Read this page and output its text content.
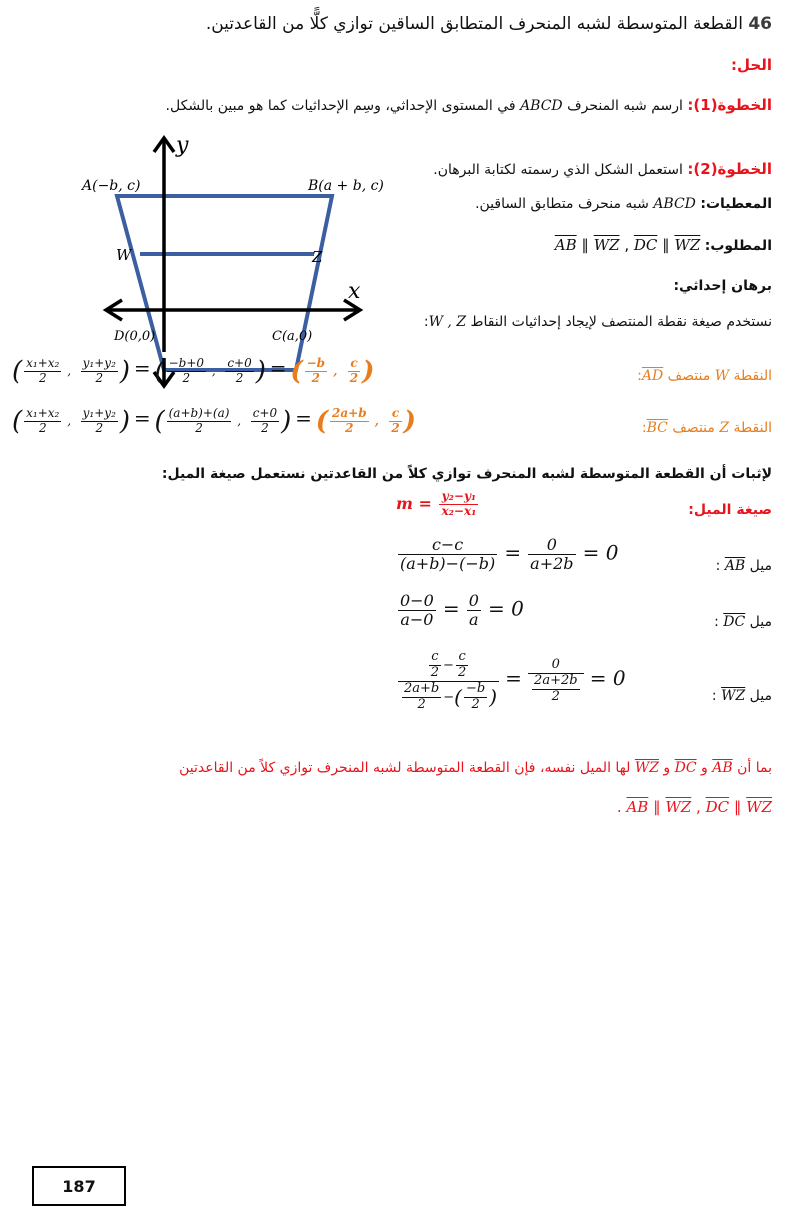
46 القطعة المتوسطة لشبه المنحرف المتطابق الساقين توازي كلًّا من القاعدتين.
الحل:
الخطوة(1): ارسم شبه المنحرف ABCD في المستوى الإحداثي، وسِم الإحداثيات كما هو مبين بالشكل.
A(−b, c)	B(a + b, c)
W	Z
D(0,0)	C(a,0)
x
y
الخطوة(2): استعمل الشكل الذي رسمته لكتابة البرهان.
المعطيات: ABCD شبه منحرف متطابق الساقين.
المطلوب: $\overline{AB}$ ∥ $\overline{WZ}$ , $\overline{DC}$ ∥ $\overline{WZ}$
برهان إحداثي:
نستخدم صيغة نقطة المنتصف لإيجاد إحداثيات النقاط W , Z:
النقطة W منتصف AD:
( $\frac{\text{x₁+x₂}}{2}$ , $\frac{\text{y₁+y₂}}{2}$ ) = ( $\frac{-b+0}{2}$ , $\frac{c+0}{2}$ ) = ( $\frac{-b}{2}$ , $\frac{c}{2}$ )
النقطة Z منتصف BC:
( $\frac{\text{x₁+x₂}}{2}$ , $\frac{\text{y₁+y₂}}{2}$ ) = ( $\frac{(a+b)+(a)}{2}$ , $\frac{c+0}{2}$ ) = ( $\frac{2a+b}{2}$ , $\frac{c}{2}$ )
لإثبات أن القطعة المتوسطة لشبه المنحرف توازي كلاً من القاعدتين نستعمل صيغة الميل:
صيغة الميل:
$m = \frac{\text{y₂−y₁}}{\text{x₂−x₁}}$
ميل AB :
$\frac{c-c}{(a+b)-(-b)} = \frac{0}{a+2b} = 0$
ميل DC :
$\frac{0-0}{a-0} = \frac{0}{a} = 0$
ميل WZ :
$\frac{\frac{c}{2} - \frac{c}{2}}{\frac{2a+b}{2} -( \frac{-b}{2} )} = \frac{0}{\frac{2a+2b}{2}} = 0$
بما أن AB و DC و WZ لها الميل نفسه، فإن القطعة المتوسطة لشبه المنحرف توازي كلاً من القاعدتين
. $\overline{AB}$ ∥ $\overline{WZ}$ , $\overline{DC}$ ∥ $\overline{WZ}$
187
